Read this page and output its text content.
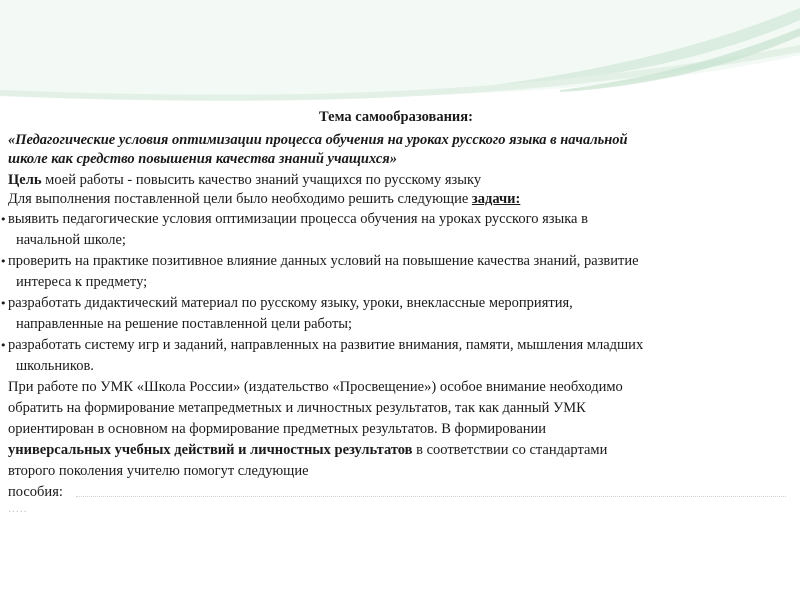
Тема самообразования:
«Педагогические условия оптимизации процесса обучения на уроках русского языка в начальной
школе как средство повышения качества знаний учащихся»
Цель моей работы - повысить качество знаний учащихся по русскому языку
Для выполнения поставленной цели было необходимо решить следующие задачи:
• выявить педагогические условия оптимизации процесса обучения на уроках русского языка в
начальной школе;
• проверить на практике позитивное влияние данных условий на повышение качества знаний, развитие
интереса к предмету;
• разработать дидактический материал по русскому языку, уроки, внеклассные мероприятия,
направленные на решение поставленной цели работы;
• разработать систему игр и заданий, направленных на развитие внимания, памяти, мышления младших
школьников.
При работе по УМК «Школа России» (издательство «Просвещение») особое внимание необходимо
обратить на формирование метапредметных и личностных результатов, так как данный УМК
ориентирован в основном на формирование предметных результатов. В формировании
универсальных учебных действий и личностных результатов в соответствии со стандартами
второго поколения учителю помогут следующие
пособия:
…..
